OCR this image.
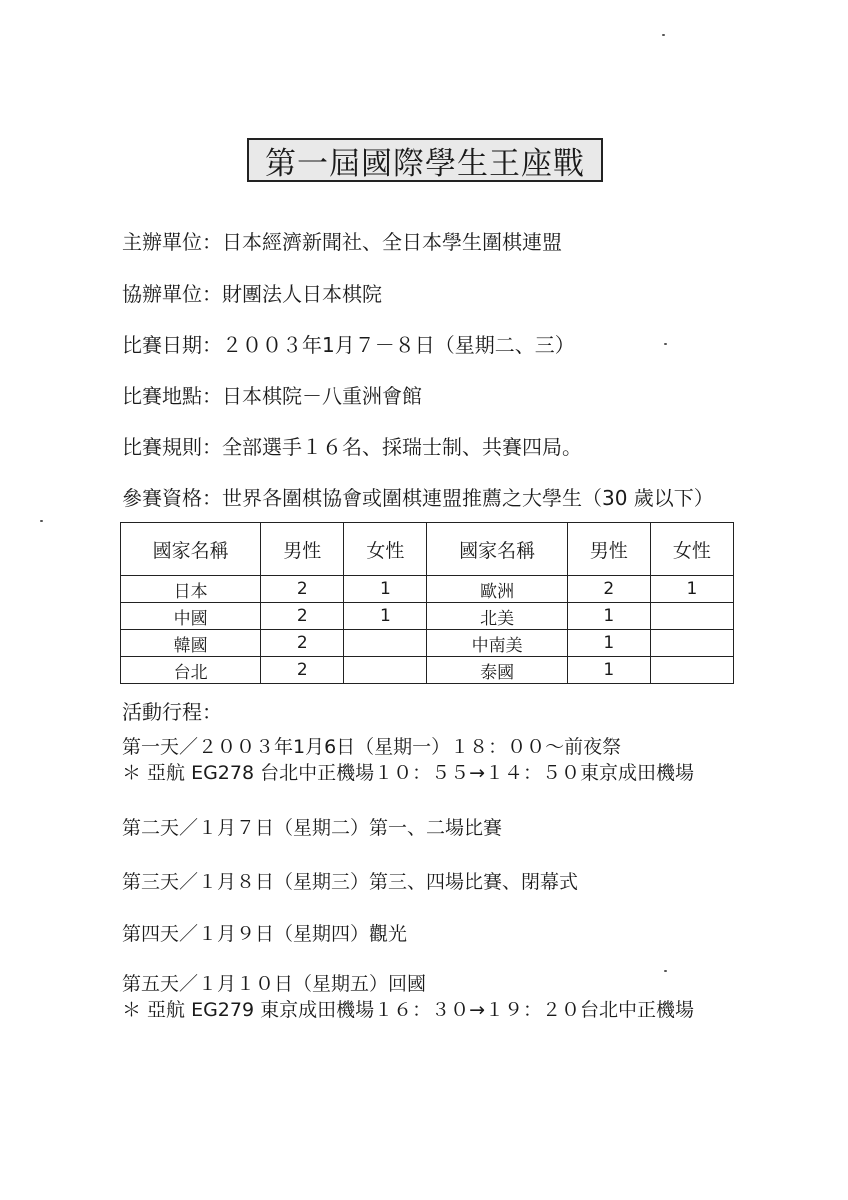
第一屆國際學生王座戰
主辦單位：日本經濟新聞社、全日本學生圍棋連盟
協辦單位：財團法人日本棋院
比賽日期：２００３年1月７－８日（星期二、三）
比賽地點：日本棋院－八重洲會館
比賽規則：全部選手１６名、採瑞士制、共賽四局。
參賽資格：世界各圍棋協會或圍棋連盟推薦之大學生（30 歲以下）
國家名稱	男性	女性	國家名稱	男性	女性
日本	2	1	歐洲	2	1
中國	2	1	北美	1	
韓國	2		中南美	1	
台北	2		泰國	1	
活動行程：
第一天／２００３年1月6日（星期一）１８：００～前夜祭
＊ 亞航 EG278 台北中正機場１０：５５→１４：５０東京成田機場
第二天／１月７日（星期二）第一、二場比賽
第三天／１月８日（星期三）第三、四場比賽、閉幕式
第四天／１月９日（星期四）觀光
第五天／１月１０日（星期五）回國
＊ 亞航 EG279 東京成田機場１６：３０→１９：２０台北中正機場
